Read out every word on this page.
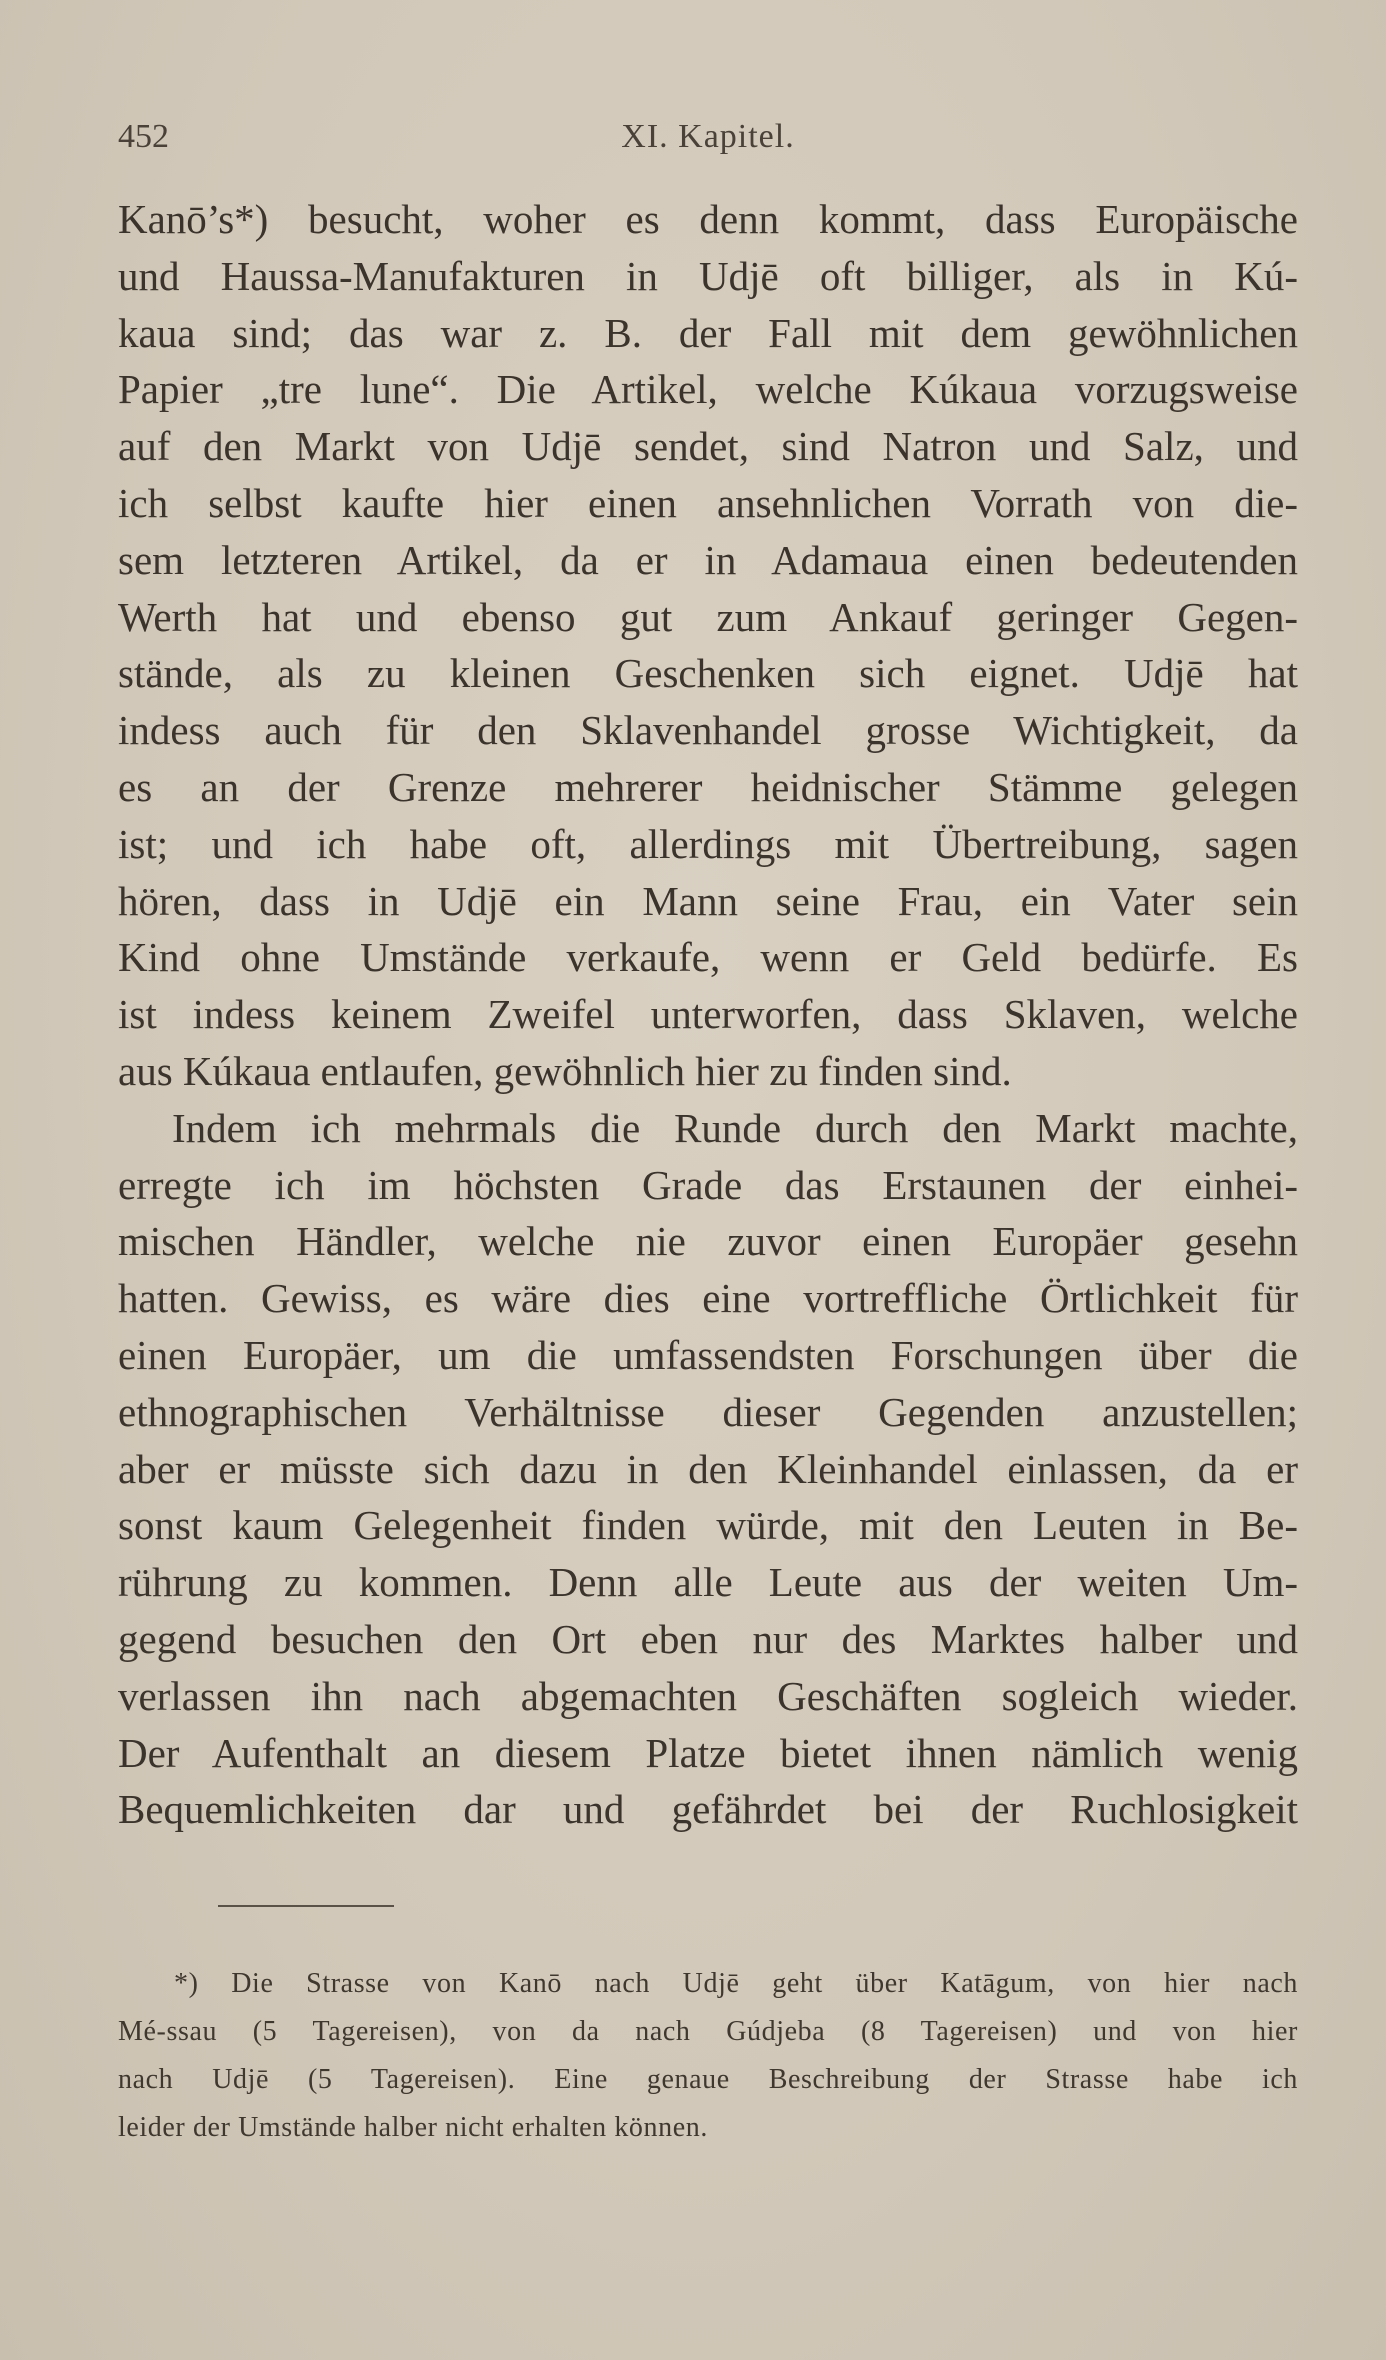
452	XI. Kapitel.
Kanō’s*) besucht, woher es denn kommt, dass Europäische
und Haussa-Manufakturen in Udjē oft billiger, als in Kú-
kaua sind; das war z. B. der Fall mit dem gewöhnlichen
Papier „tre lune“. Die Artikel, welche Kúkaua vorzugsweise
auf den Markt von Udjē sendet, sind Natron und Salz, und
ich selbst kaufte hier einen ansehnlichen Vorrath von die-
sem letzteren Artikel, da er in Adamaua einen bedeutenden
Werth hat und ebenso gut zum Ankauf geringer Gegen-
stände, als zu kleinen Geschenken sich eignet. Udjē hat
indess auch für den Sklavenhandel grosse Wichtigkeit, da
es an der Grenze mehrerer heidnischer Stämme gelegen
ist; und ich habe oft, allerdings mit Übertreibung, sagen
hören, dass in Udjē ein Mann seine Frau, ein Vater sein
Kind ohne Umstände verkaufe, wenn er Geld bedürfe. Es
ist indess keinem Zweifel unterworfen, dass Sklaven, welche
aus Kúkaua entlaufen, gewöhnlich hier zu finden sind.
Indem ich mehrmals die Runde durch den Markt machte,
erregte ich im höchsten Grade das Erstaunen der einhei-
mischen Händler, welche nie zuvor einen Europäer gesehn
hatten. Gewiss, es wäre dies eine vortreffliche Örtlichkeit für
einen Europäer, um die umfassendsten Forschungen über die
ethnographischen Verhältnisse dieser Gegenden anzustellen;
aber er müsste sich dazu in den Kleinhandel einlassen, da er
sonst kaum Gelegenheit finden würde, mit den Leuten in Be-
rührung zu kommen. Denn alle Leute aus der weiten Um-
gegend besuchen den Ort eben nur des Marktes halber und
verlassen ihn nach abgemachten Geschäften sogleich wieder.
Der Aufenthalt an diesem Platze bietet ihnen nämlich wenig
Bequemlichkeiten dar und gefährdet bei der Ruchlosigkeit
*) Die Strasse von Kanō nach Udjē geht über Katāgum, von hier nach
Mé-ssau (5 Tagereisen), von da nach Gúdjeba (8 Tagereisen) und von hier
nach Udjē (5 Tagereisen). Eine genaue Beschreibung der Strasse habe ich
leider der Umstände halber nicht erhalten können.
